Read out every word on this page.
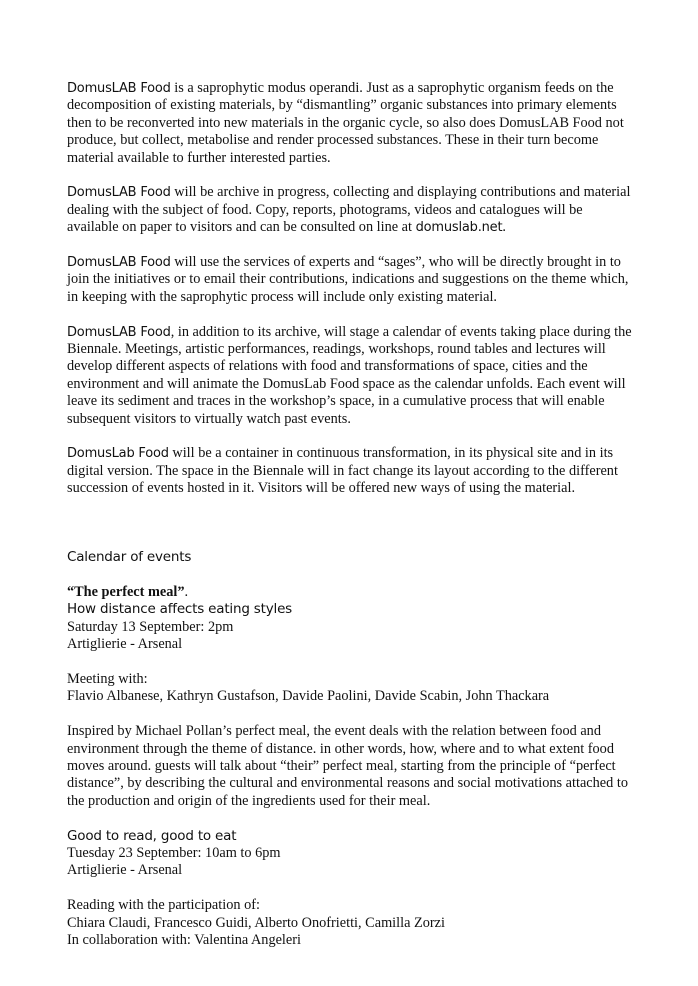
DomusLAB Food is a saprophytic modus operandi. Just as a saprophytic organism feeds on the decomposition of existing materials, by “dismantling” organic substances into primary elements then to be reconverted into new materials in the organic cycle, so also does DomusLAB Food not produce, but collect, metabolise and render processed substances. These in their turn become material available to further interested parties.

DomusLAB Food will be archive in progress, collecting and displaying contributions and material dealing with the subject of food. Copy, reports, photograms, videos and catalogues will be available on paper to visitors and can be consulted on line at domuslab.net.

DomusLAB Food will use the services of experts and “sages”, who will be directly brought in to join the initiatives or to email their contributions, indications and suggestions on the theme which, in keeping with the saprophytic process will include only existing material.

DomusLAB Food, in addition to its archive, will stage a calendar of events taking place during the Biennale. Meetings, artistic performances, readings, workshops, round tables and lectures will develop different aspects of relations with food and transformations of space, cities and the environment and will animate the DomusLab Food space as the calendar unfolds. Each event will leave its sediment and traces in the workshop’s space, in a cumulative process that will enable subsequent visitors to virtually watch past events.

DomusLab Food will be a container in continuous transformation, in its physical site and in its digital version. The space in the Biennale will in fact change its layout according to the different succession of events hosted in it. Visitors will be offered new ways of using the material.

Calendar of events
“The perfect meal”.
How distance affects eating styles
Saturday 13 September: 2pm
Artiglierie - Arsenal
Meeting with:
Flavio Albanese, Kathryn Gustafson, Davide Paolini, Davide Scabin, John Thackara

Inspired by Michael Pollan’s perfect meal, the event deals with the relation between food and environment through the theme of distance. in other words, how, where and to what extent food moves around. guests will talk about “their” perfect meal, starting from the principle of “perfect distance”, by describing the cultural and environmental reasons and social motivations attached to the production and origin of the ingredients used for their meal.

Good to read, good to eat
Tuesday 23 September: 10am to 6pm
Artiglierie - Arsenal
Reading with the participation of:
Chiara Claudi, Francesco Guidi, Alberto Onofrietti, Camilla Zorzi
In collaboration with: Valentina Angeleri
